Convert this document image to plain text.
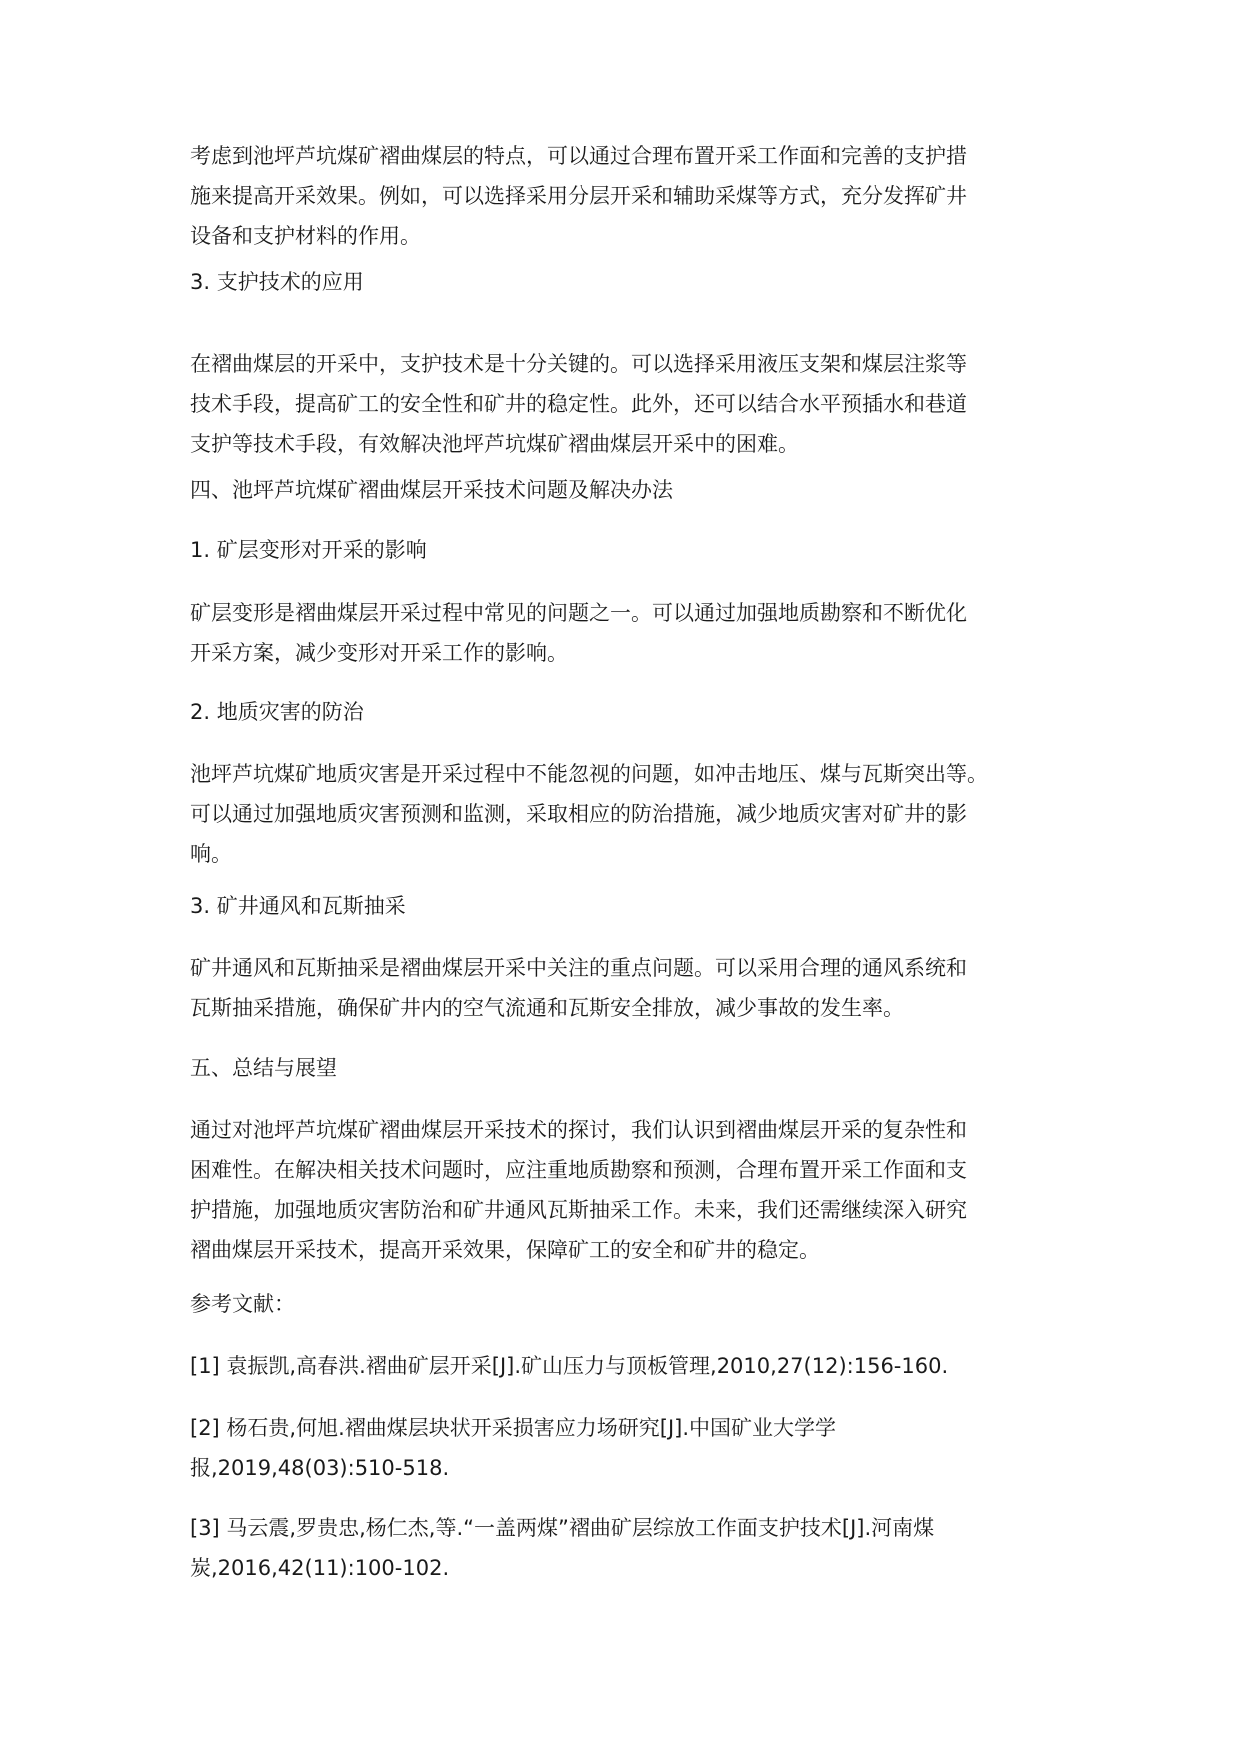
考虑到池坪芦坑煤矿褶曲煤层的特点，可以通过合理布置开采工作面和完善的支护措
施来提高开采效果。例如，可以选择采用分层开采和辅助采煤等方式，充分发挥矿井
设备和支护材料的作用。

3. 支护技术的应用

在褶曲煤层的开采中，支护技术是十分关键的。可以选择采用液压支架和煤层注浆等
技术手段，提高矿工的安全性和矿井的稳定性。此外，还可以结合水平预插水和巷道
支护等技术手段，有效解决池坪芦坑煤矿褶曲煤层开采中的困难。

四、池坪芦坑煤矿褶曲煤层开采技术问题及解决办法

1. 矿层变形对开采的影响

矿层变形是褶曲煤层开采过程中常见的问题之一。可以通过加强地质勘察和不断优化
开采方案，减少变形对开采工作的影响。

2. 地质灾害的防治

池坪芦坑煤矿地质灾害是开采过程中不能忽视的问题，如冲击地压、煤与瓦斯突出等。
可以通过加强地质灾害预测和监测，采取相应的防治措施，减少地质灾害对矿井的影
响。

3. 矿井通风和瓦斯抽采

矿井通风和瓦斯抽采是褶曲煤层开采中关注的重点问题。可以采用合理的通风系统和
瓦斯抽采措施，确保矿井内的空气流通和瓦斯安全排放，减少事故的发生率。

五、总结与展望

通过对池坪芦坑煤矿褶曲煤层开采技术的探讨，我们认识到褶曲煤层开采的复杂性和
困难性。在解决相关技术问题时，应注重地质勘察和预测，合理布置开采工作面和支
护措施，加强地质灾害防治和矿井通风瓦斯抽采工作。未来，我们还需继续深入研究
褶曲煤层开采技术，提高开采效果，保障矿工的安全和矿井的稳定。

参考文献：

[1] 袁振凯,高春洪.褶曲矿层开采[J].矿山压力与顶板管理,2010,27(12):156-160.

[2] 杨石贵,何旭.褶曲煤层块状开采损害应力场研究[J].中国矿业大学学
报,2019,48(03):510-518.

[3] 马云震,罗贵忠,杨仁杰,等.“一盖两煤”褶曲矿层综放工作面支护技术[J].河南煤
炭,2016,42(11):100-102.
